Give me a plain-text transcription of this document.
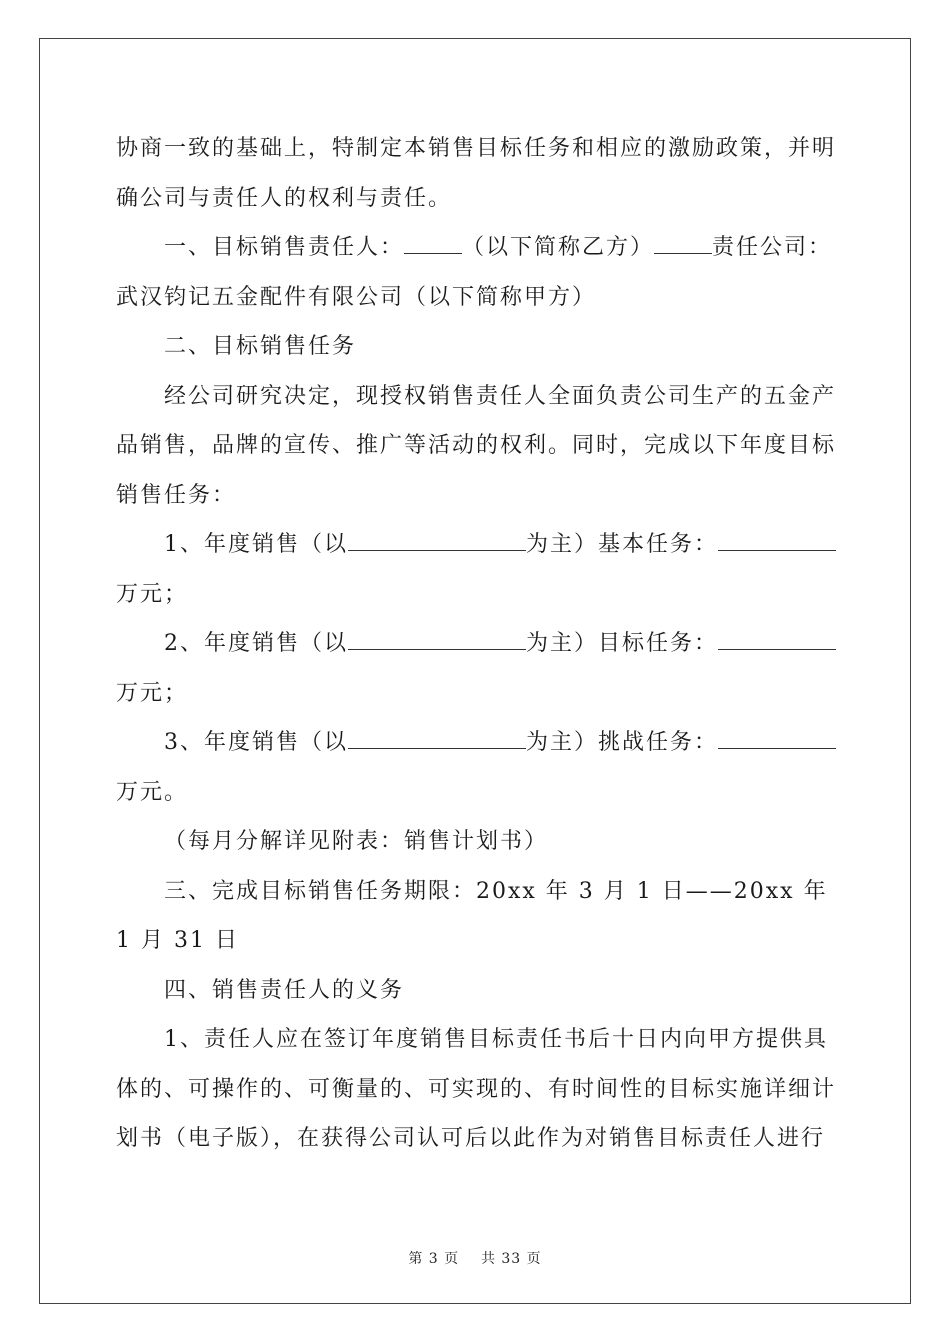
协商一致的基础上，特制定本销售目标任务和相应的激励政策，并明确公司与责任人的权利与责任。

一、目标销售责任人：	（以下简称乙方）	责任公司：武汉钧记五金配件有限公司（以下简称甲方）

二、目标销售任务

经公司研究决定，现授权销售责任人全面负责公司生产的五金产品销售，品牌的宣传、推广等活动的权利。同时，完成以下年度目标销售任务：

1、年度销售（以	为主）基本任务：万元；

2、年度销售（以	为主）目标任务：万元；

3、年度销售（以	为主）挑战任务：万元。

（每月分解详见附表：销售计划书）

三、完成目标销售任务期限：20xx 年 3 月 1 日——20xx 年 1 月 31 日

四、销售责任人的义务

1、责任人应在签订年度销售目标责任书后十日内向甲方提供具体的、可操作的、可衡量的、可实现的、有时间性的目标实施详细计划书（电子版），在获得公司认可后以此作为对销售目标责任人进行

第 3 页 共 33 页
